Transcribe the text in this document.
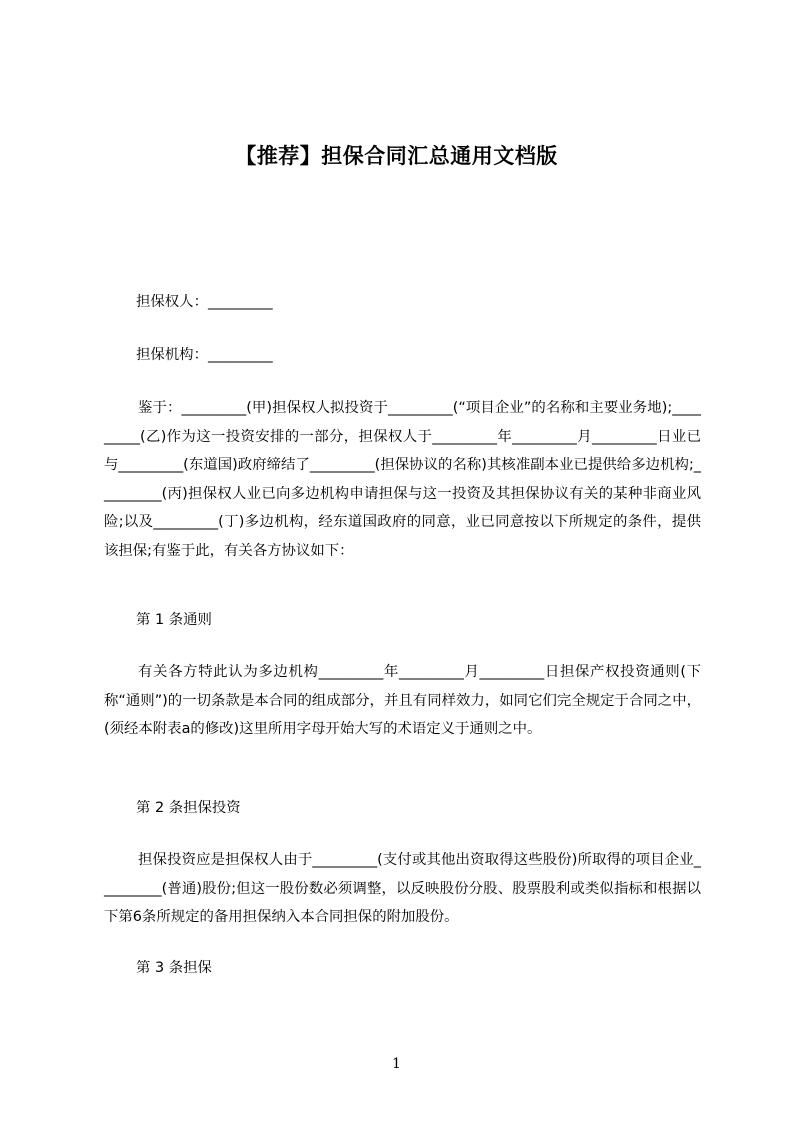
【推荐】担保合同汇总通用文档版
担保权人：_________
担保机构：_________
鉴于：_________(甲)担保权人拟投资于_________(“项目企业”的名称和主要业务地);_________(乙)作为这一投资安排的一部分，担保权人于_________年_________月_________日业已与_________(东道国)政府缔结了_________(担保协议的名称)其核准副本业已提供给多边机构;_________(丙)担保权人业已向多边机构申请担保与这一投资及其担保协议有关的某种非商业风险;以及_________(丁)多边机构，经东道国政府的同意，业已同意按以下所规定的条件，提供该担保;有鉴于此，有关各方协议如下：
第 1 条通则
有关各方特此认为多边机构_________年_________月_________日担保产权投资通则(下称“通则”)的一切条款是本合同的组成部分，并且有同样效力，如同它们完全规定于合同之中，(须经本附表a的修改)这里所用字母开始大写的术语定义于通则之中。
第 2 条担保投资
担保投资应是担保权人由于_________(支付或其他出资取得这些股份)所取得的项目企业_________(普通)股份;但这一股份数必须调整，以反映股份分股、股票股利或类似指标和根据以下第6条所规定的备用担保纳入本合同担保的附加股份。
第 3 条担保
1
